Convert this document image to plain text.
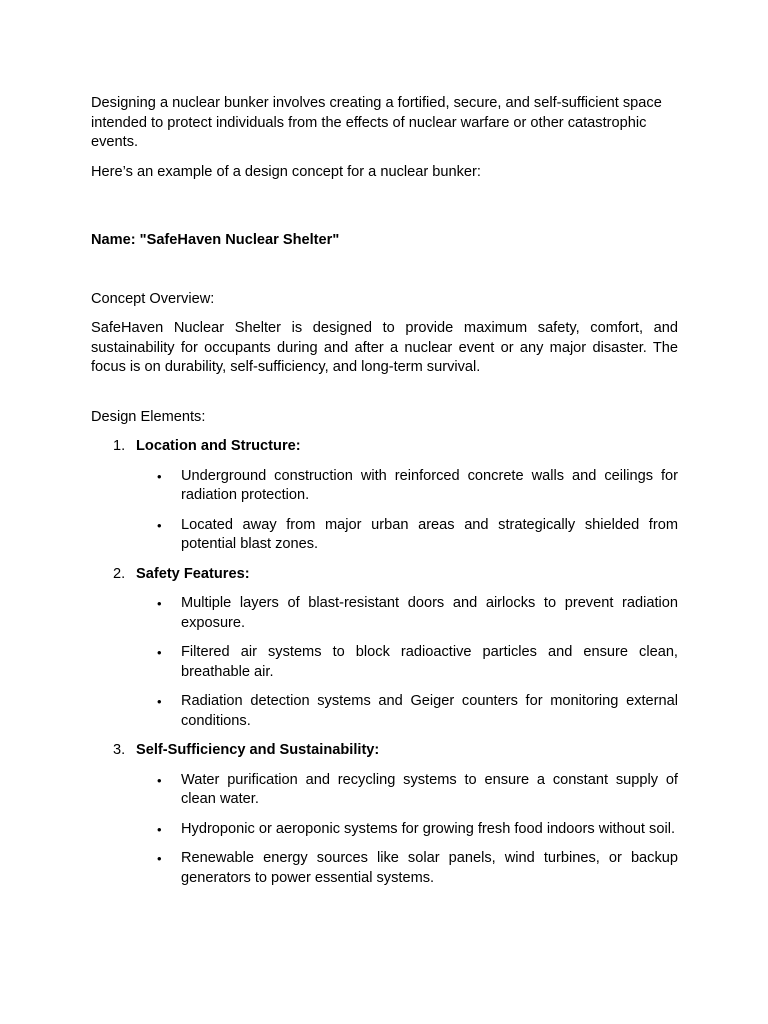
Designing a nuclear bunker involves creating a fortified, secure, and self-sufficient space intended to protect individuals from the effects of nuclear warfare or other catastrophic events.

Here’s an example of a design concept for a nuclear bunker:

Name: "SafeHaven Nuclear Shelter"

Concept Overview:

SafeHaven Nuclear Shelter is designed to provide maximum safety, comfort, and sustainability for occupants during and after a nuclear event or any major disaster. The focus is on durability, self-sufficiency, and long-term survival.

Design Elements:

1. Location and Structure:
• Underground construction with reinforced concrete walls and ceilings for radiation protection.
• Located away from major urban areas and strategically shielded from potential blast zones.
2. Safety Features:
• Multiple layers of blast-resistant doors and airlocks to prevent radiation exposure.
• Filtered air systems to block radioactive particles and ensure clean, breathable air.
• Radiation detection systems and Geiger counters for monitoring external conditions.
3. Self-Sufficiency and Sustainability:
• Water purification and recycling systems to ensure a constant supply of clean water.
• Hydroponic or aeroponic systems for growing fresh food indoors without soil.
• Renewable energy sources like solar panels, wind turbines, or backup generators to power essential systems.
